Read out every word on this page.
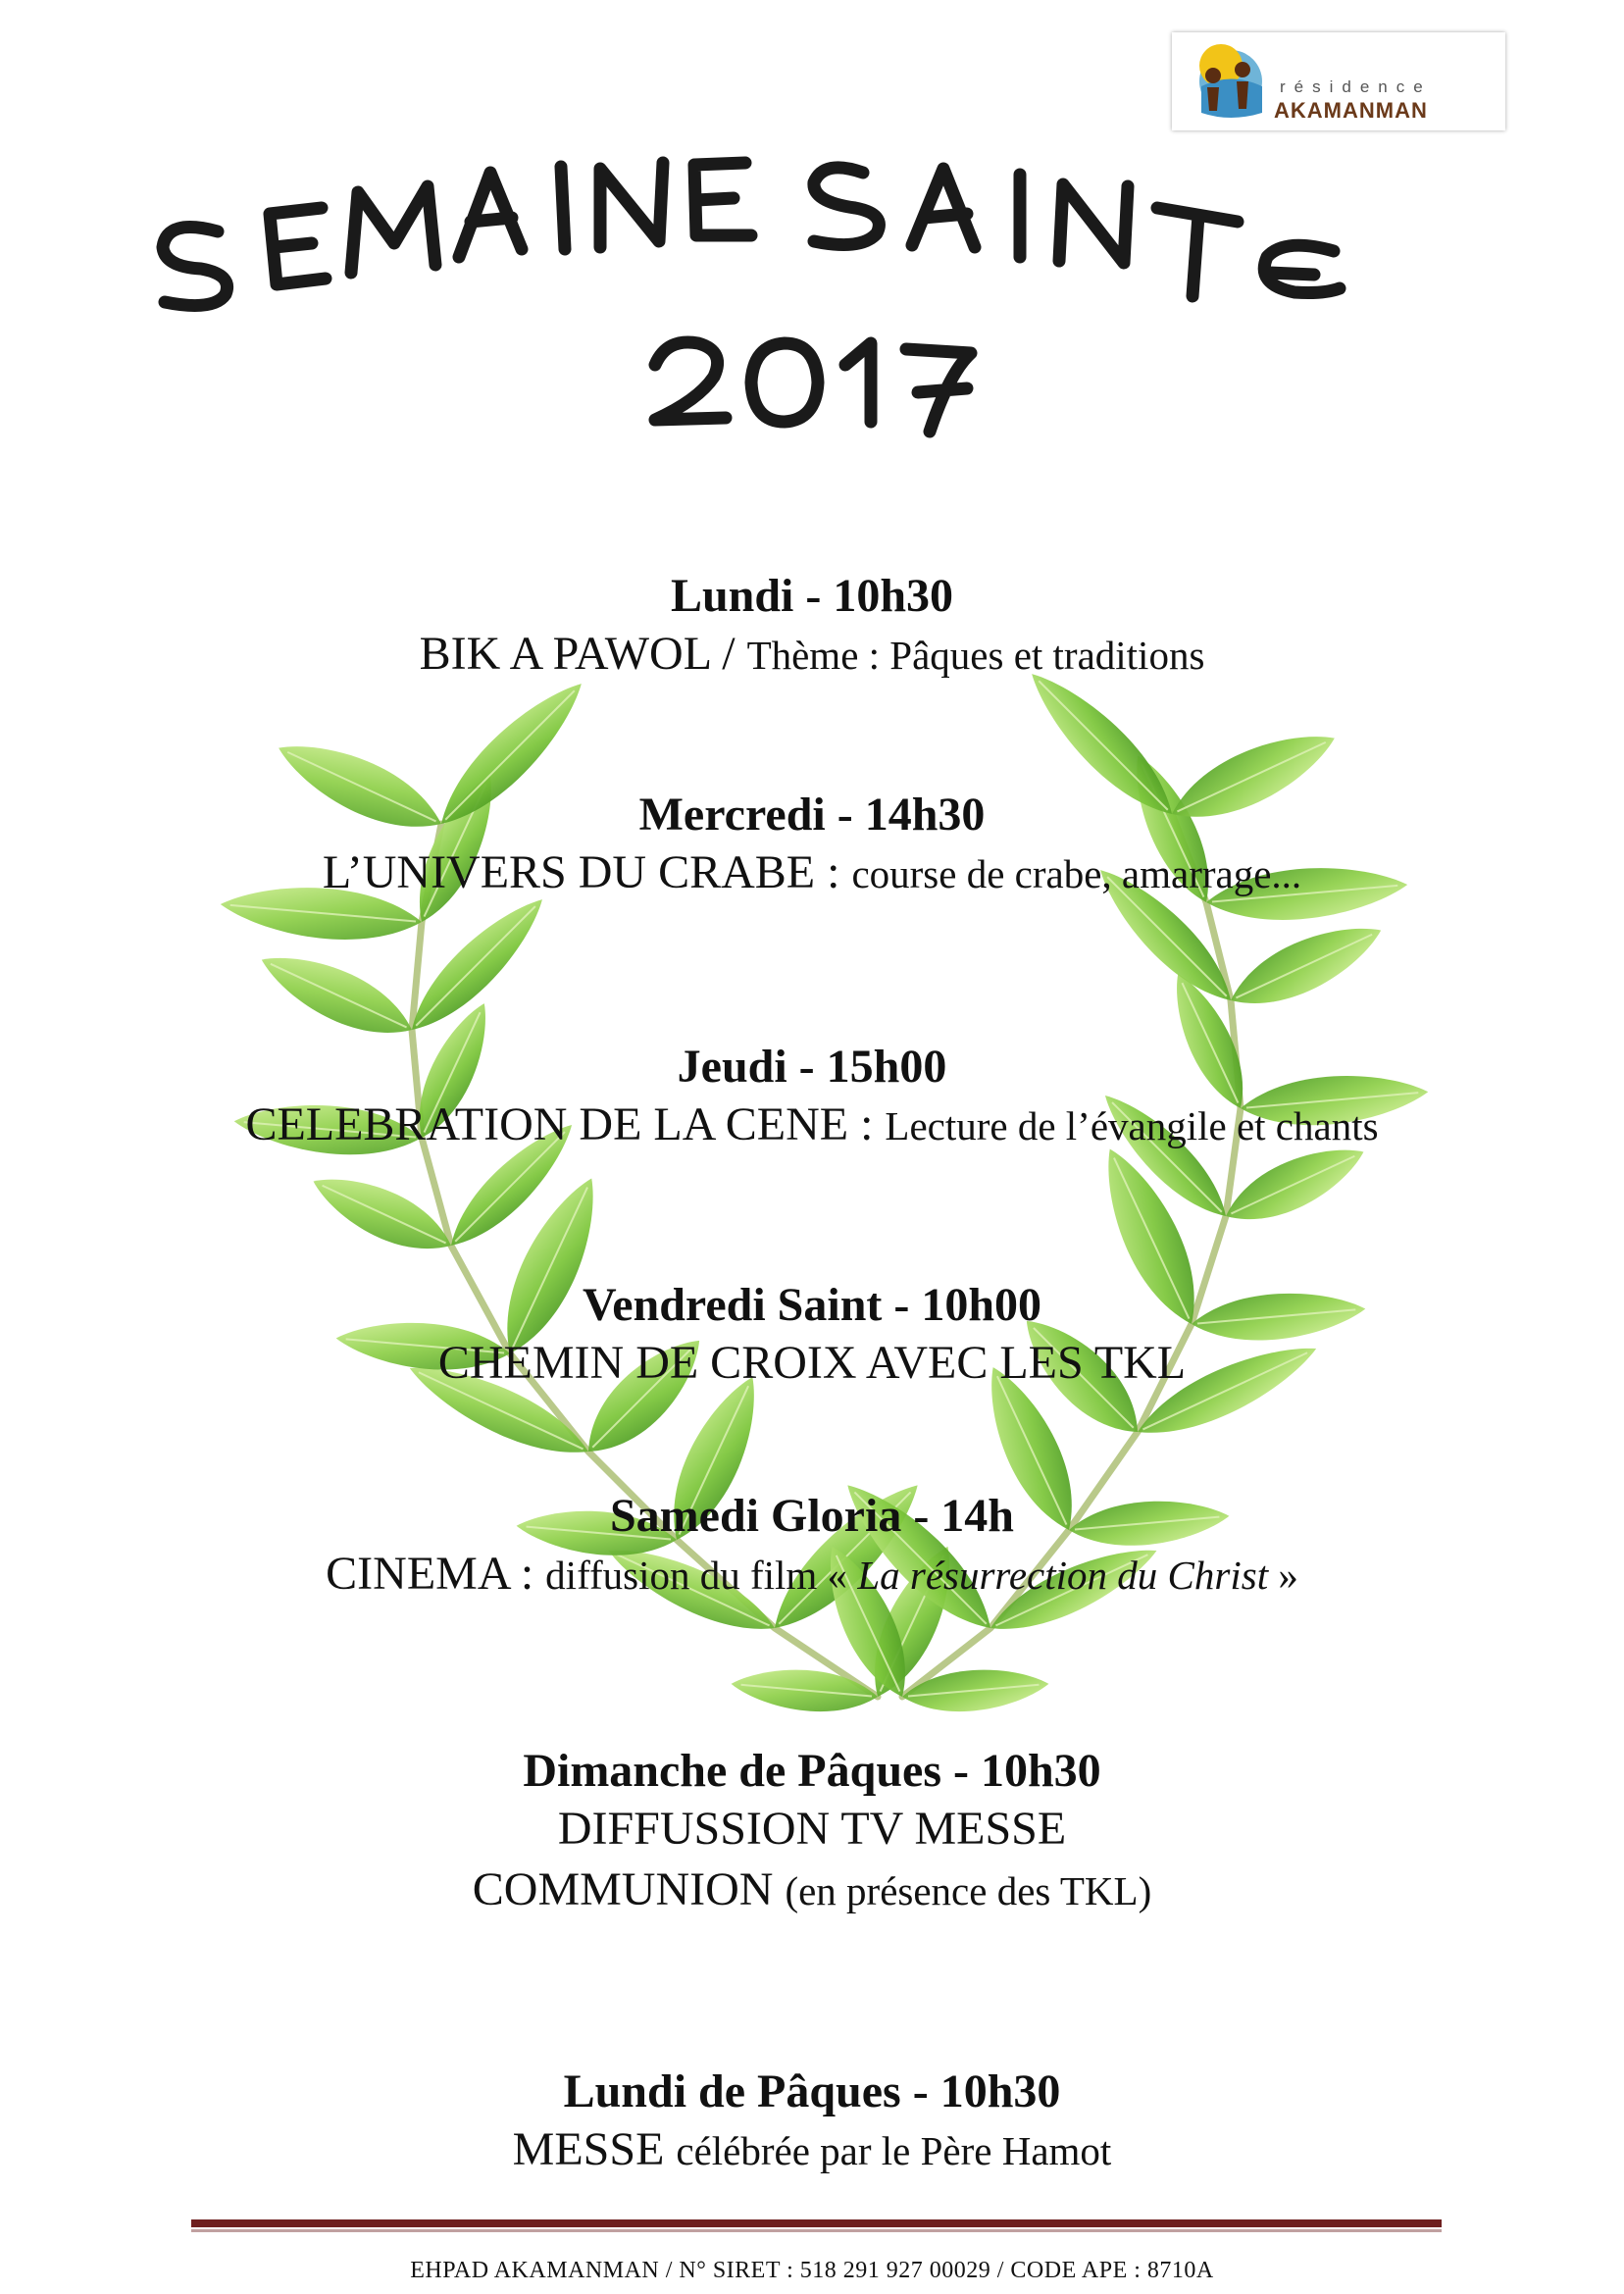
résidence
AKAMANMAN
Lundi - 10h30
BIK A PAWOL / Thème : Pâques et traditions
Mercredi - 14h30
L’UNIVERS DU CRABE : course de crabe, amarrage...
Jeudi - 15h00
CELEBRATION DE LA CENE : Lecture de l’évangile et chants
Vendredi Saint - 10h00
CHEMIN DE CROIX AVEC LES TKL
Samedi Gloria - 14h
CINEMA : diffusion du film « La résurrection du Christ »
Dimanche de Pâques - 10h30
DIFFUSSION TV MESSE
COMMUNION (en présence des TKL)
Lundi de Pâques - 10h30
MESSE célébrée par le Père Hamot
EHPAD AKAMANMAN / N° SIRET : 518 291 927 00029 / CODE APE : 8710A
